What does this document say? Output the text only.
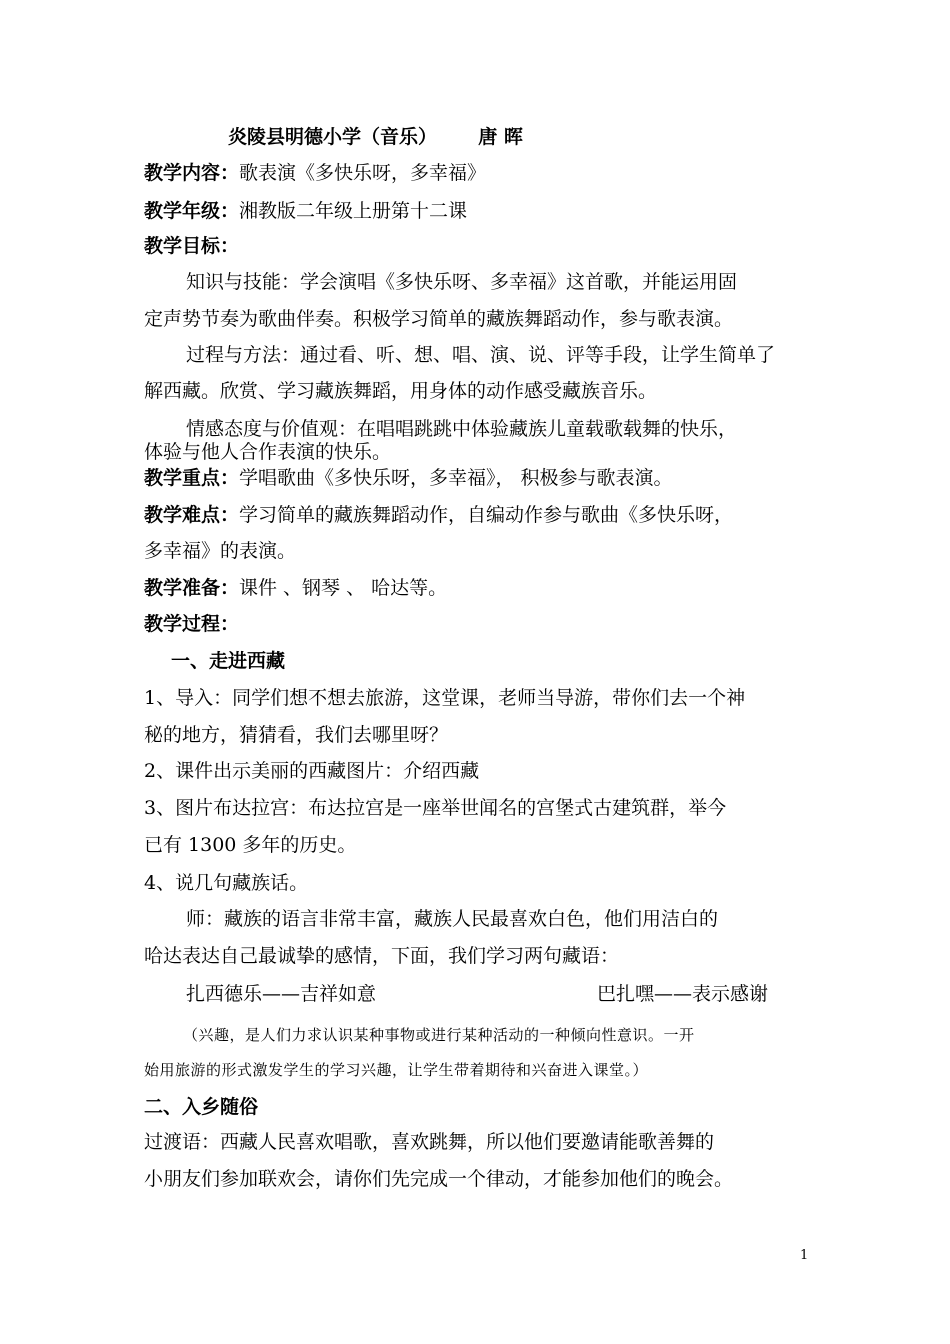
炎陵县明德小学（音乐） 唐 晖
教学内容：歌表演《多快乐呀，多幸福》
教学年级：湘教版二年级上册第十二课
教学目标：
知识与技能：学会演唱《多快乐呀、多幸福》这首歌，并能运用固
定声势节奏为歌曲伴奏。积极学习简单的藏族舞蹈动作，参与歌表演。
过程与方法：通过看、听、想、唱、演、说、评等手段，让学生简单了
解西藏。欣赏、学习藏族舞蹈，用身体的动作感受藏族音乐。
情感态度与价值观：在唱唱跳跳中体验藏族儿童载歌载舞的快乐，
体验与他人合作表演的快乐。
教学重点：学唱歌曲《多快乐呀，多幸福》， 积极参与歌表演。
教学难点：学习简单的藏族舞蹈动作，自编动作参与歌曲《多快乐呀，
多幸福》的表演。
教学准备：课件 、钢琴 、 哈达等。
教学过程：
一、走进西藏
1、导入：同学们想不想去旅游，这堂课，老师当导游，带你们去一个神
秘的地方，猜猜看，我们去哪里呀？
2、课件出示美丽的西藏图片：介绍西藏
3、图片布达拉宫：布达拉宫是一座举世闻名的宫堡式古建筑群，举今
已有 1300 多年的历史。
4、说几句藏族话。
师：藏族的语言非常丰富，藏族人民最喜欢白色，他们用洁白的
哈达表达自己最诚挚的感情，下面，我们学习两句藏语：
扎西德乐——吉祥如意	巴扎嘿——表示感谢
（兴趣，是人们力求认识某种事物或进行某种活动的一种倾向性意识。一开
始用旅游的形式激发学生的学习兴趣，让学生带着期待和兴奋进入课堂。）
二、入乡随俗
过渡语：西藏人民喜欢唱歌，喜欢跳舞，所以他们要邀请能歌善舞的
小朋友们参加联欢会，请你们先完成一个律动，才能参加他们的晚会。
1
